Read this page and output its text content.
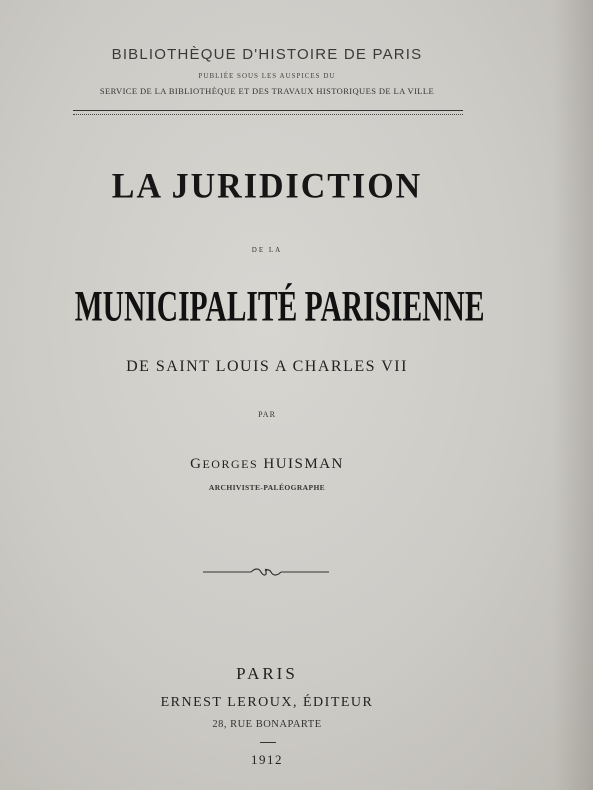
BIBLIOTHÈQUE D'HISTOIRE DE PARIS
PUBLIÉE SOUS LES AUSPICES DU
SERVICE DE LA BIBLIOTHÈQUE ET DES TRAVAUX HISTORIQUES DE LA VILLE
LA JURIDICTION
DE LA
MUNICIPALITÉ PARISIENNE
DE SAINT LOUIS A CHARLES VII
PAR
GEORGES HUISMAN
ARCHIVISTE-PALÉOGRAPHE
PARIS
ERNEST LEROUX, ÉDITEUR
28, RUE BONAPARTE
1912
